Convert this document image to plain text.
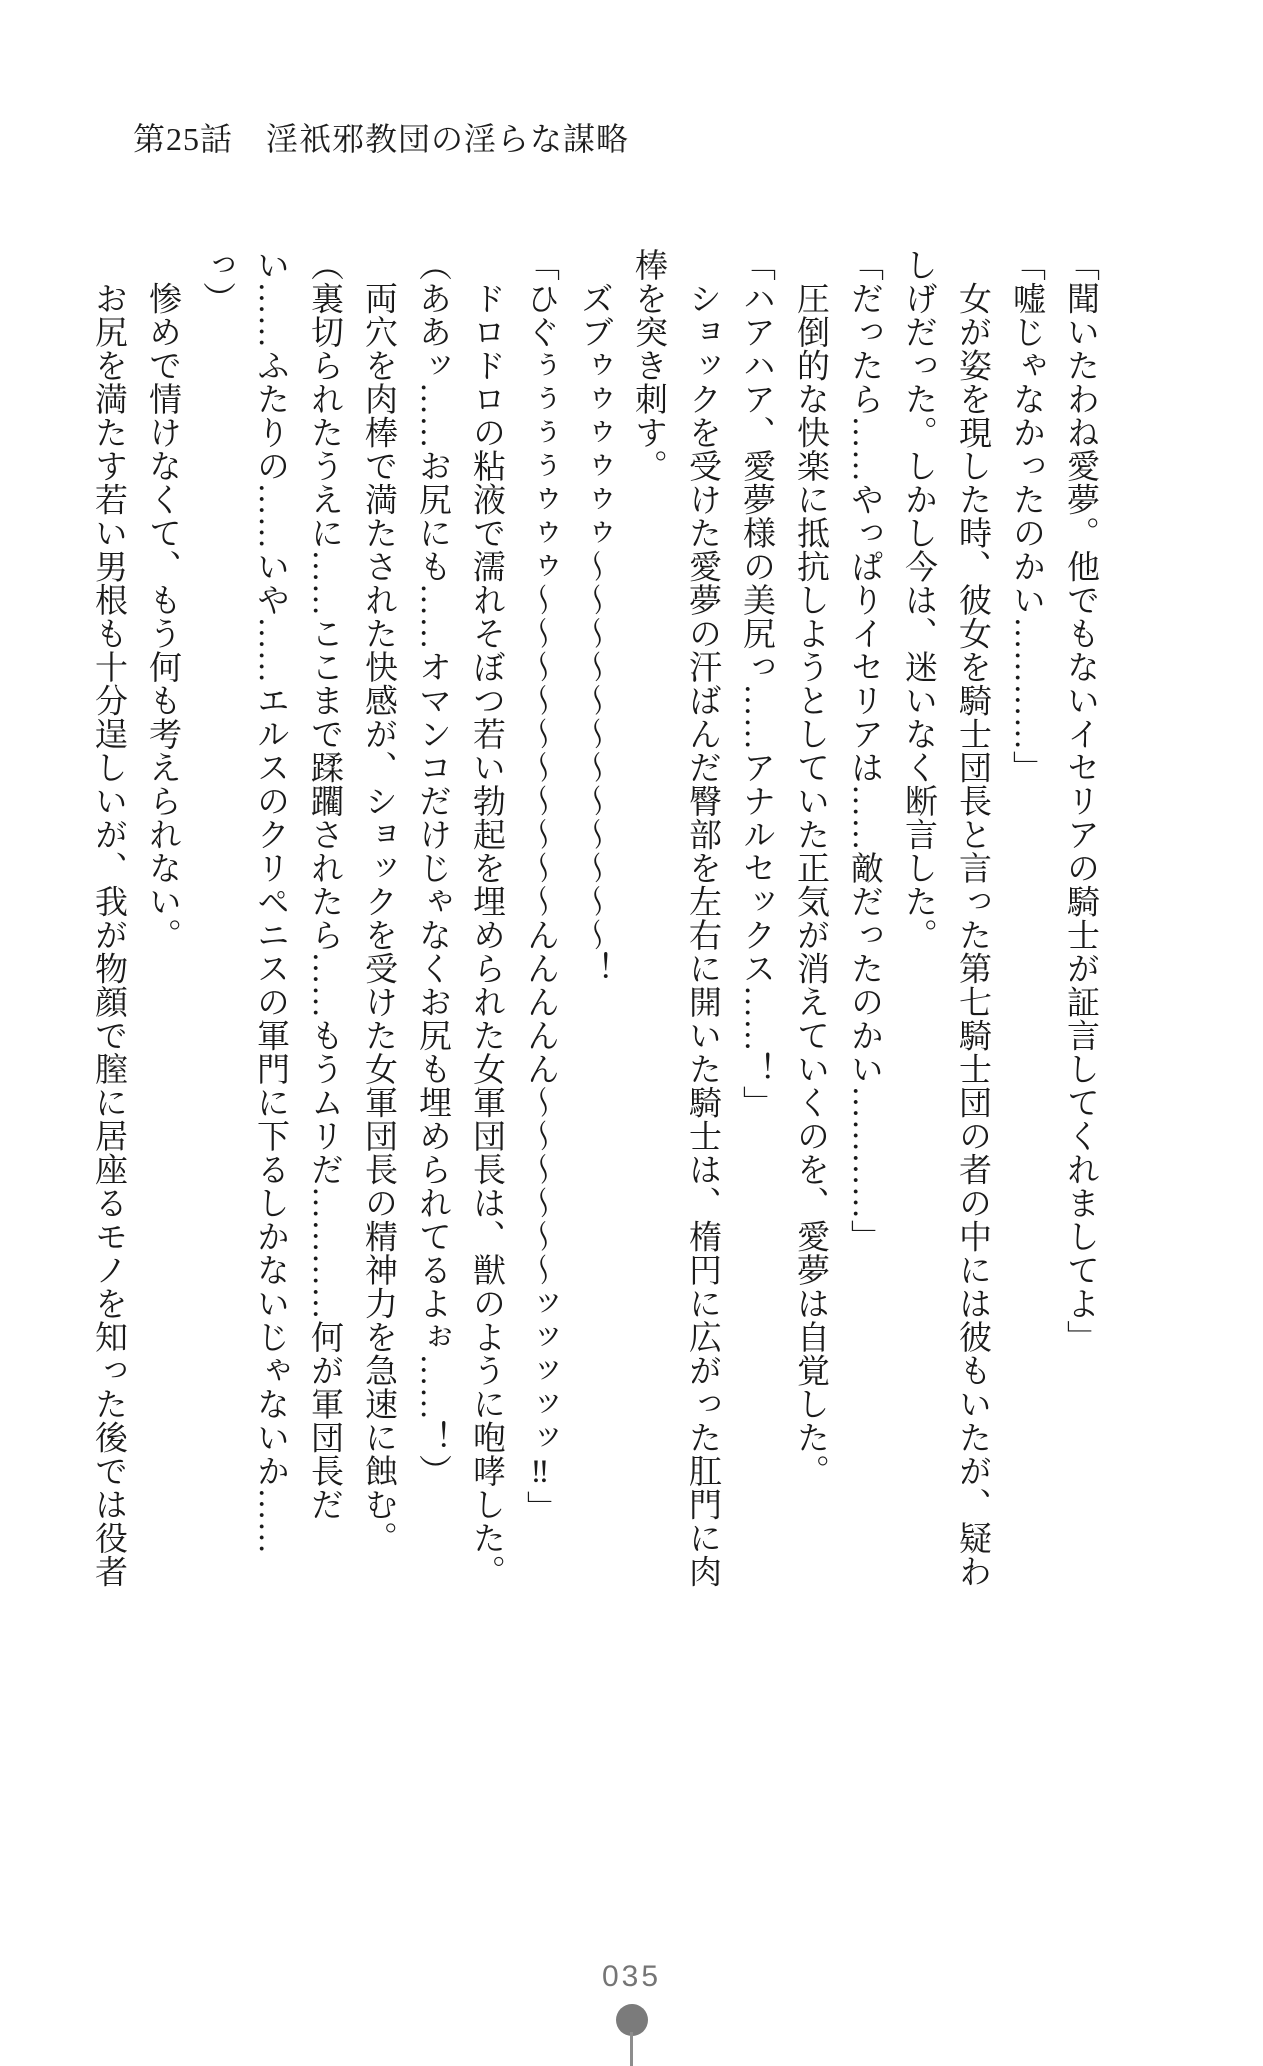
第25話　淫祇邪教団の淫らな謀略

「聞いたわね愛夢。他でもないイセリアの騎士が証言してくれましてよ」

「嘘じゃなかったのかい…………」

　女が姿を現した時、彼女を騎士団長と言った第七騎士団の者の中には彼もいたが、疑わしげだった。しかし今は、迷いなく断言した。

「だったら……やっぱりイセリアは……敵だったのかい…………」

　圧倒的な快楽に抵抗しようとしていた正気が消えていくのを、愛夢は自覚した。

「ハアハア、愛夢様の美尻っ……アナルセックス……！」

　ショックを受けた愛夢の汗ばんだ臀部を左右に開いた騎士は、楕円に広がった肛門に肉棒を突き刺す。

　ズブゥゥゥゥゥゥ〜〜〜〜〜〜〜〜〜〜〜〜！

「ひぐぅぅぅぅゥゥゥ〜〜〜〜〜〜〜〜〜〜んんんんん〜〜〜〜〜〜ッッッッッ‼」

　ドロドロの粘液で濡れそぼつ若い勃起を埋められた女軍団長は、獣のように咆哮した。

（ああッ……お尻にも……オマンコだけじゃなくお尻も埋められてるよぉ……！）

　両穴を肉棒で満たされた快感が、ショックを受けた女軍団長の精神力を急速に蝕む。

（裏切られたうえに……ここまで蹂躙されたら……もうムリだ…………何が軍団長だい……ふたりの……いや……エルスのクリペニスの軍門に下るしかないじゃないか……っ）

　惨めで情けなくて、もう何も考えられない。

　お尻を満たす若い男根も十分逞しいが、我が物顔で膣に居座るモノを知った後では役者

035
